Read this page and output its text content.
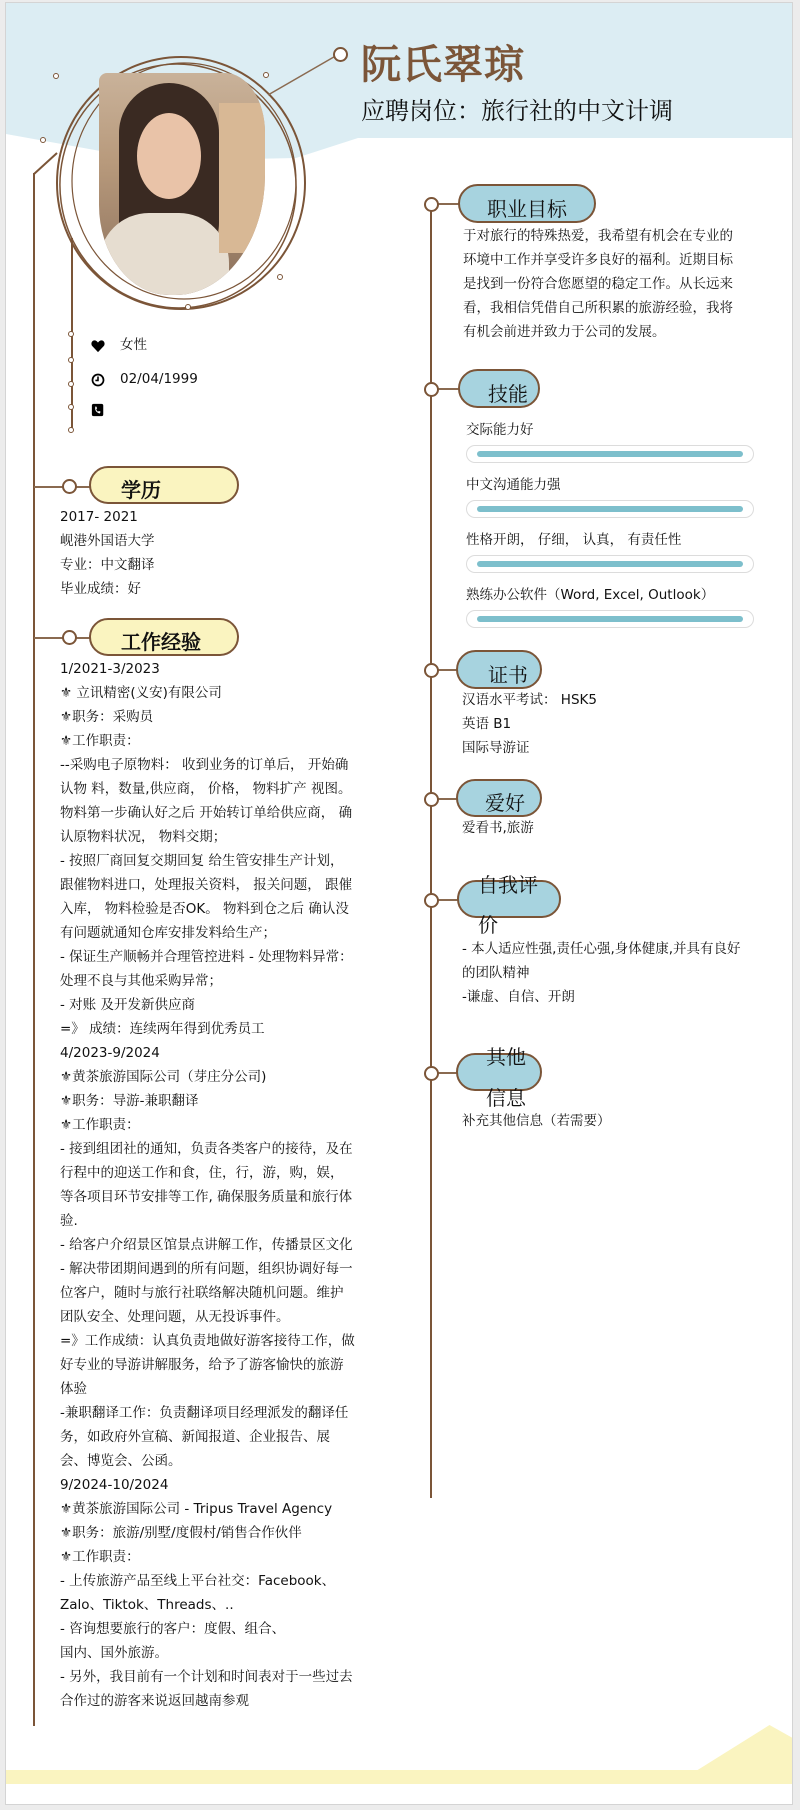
阮氏翠琼
应聘岗位：旅行社的中文计调
女性
02/04/1999
学历
2017- 2021
岘港外国语大学
专业：中文翻译
毕业成绩：好
工作经验
1/2021-3/2023
⚜ 立讯精密(义安)有限公司
⚜职务：采购员
⚜工作职责：
--采购电子原物料： 收到业务的订单后， 开始确
认物 料，数量,供应商， 价格， 物料扩产 视图。
物料第一步确认好之后 开始转订单给供应商， 确
认原物料状况， 物料交期；
- 按照厂商回复交期回复 给生管安排生产计划，
跟催物料进口，处理报关资料， 报关问题， 跟催
入库， 物料检验是否OK。 物料到仓之后 确认没
有问题就通知仓库安排发料给生产；
- 保证生产顺畅并合理管控进料 - 处理物料异常：
处理不良与其他采购异常；
- 对账 及开发新供应商
=》 成绩：连续两年得到优秀员工
4/2023-9/2024
⚜黄茶旅游国际公司（芽庄分公司)
⚜职务：导游-兼职翻译
⚜工作职责：
- 接到组团社的通知，负责各类客户的接待，及在
行程中的迎送工作和食，住，行，游，购，娱，
等各项目环节安排等工作, 确保服务质量和旅行体
验.
- 给客户介绍景区馆景点讲解工作，传播景区文化
- 解决带团期间遇到的所有问题，组织协调好每一
位客户，随时与旅行社联络解决随机问题。维护
团队安全、处理问题，从无投诉事件。
=》工作成绩：认真负责地做好游客接待工作，做
好专业的导游讲解服务，给予了游客愉快的旅游
体验
-兼职翻译工作：负责翻译项目经理派发的翻译任
务，如政府外宣稿、新闻报道、企业报告、展
会、博览会、公函。
9/2024-10/2024
⚜黄茶旅游国际公司 - Tripus Travel Agency
⚜职务：旅游/别墅/度假村/销售合作伙伴
⚜工作职责：
- 上传旅游产品至线上平台社交：Facebook、
Zalo、Tiktok、Threads、..
- 咨询想要旅行的客户：度假、组合、
国内、国外旅游。
- 另外，我目前有一个计划和时间表对于一些过去
合作过的游客来说返回越南参观
职业目标
于对旅行的特殊热爱，我希望有机会在专业的
环境中工作并享受许多良好的福利。近期目标
是找到一份符合您愿望的稳定工作。从长远来
看，我相信凭借自己所积累的旅游经验，我将
有机会前进并致力于公司的发展。
技能
交际能力好
中文沟通能力强
性格开朗， 仔细， 认真， 有责任性
熟练办公软件（Word, Excel, Outlook）
证书
汉语水平考试： HSK5
英语 B1
国际导游证
爱好
爱看书,旅游
自我评
价
- 本人适应性强,责任心强,身体健康,并具有良好
的团队精神
-谦虚、自信、开朗
其他
信息
补充其他信息（若需要）
